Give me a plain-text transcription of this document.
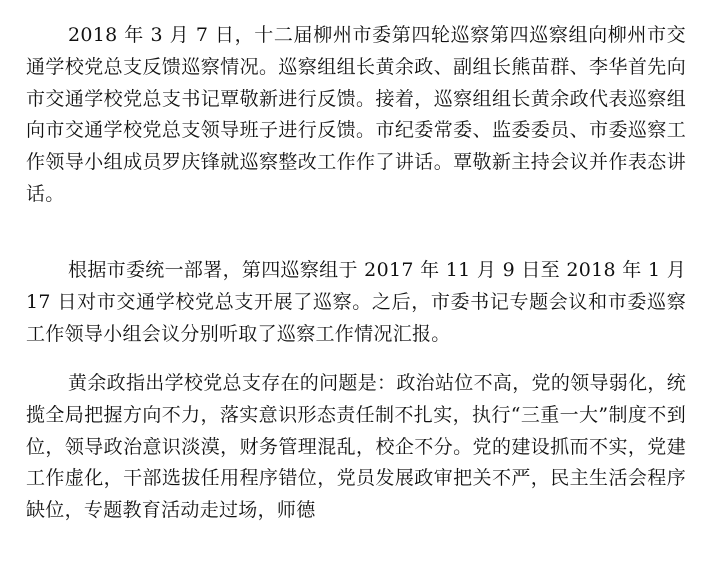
2018 年 3 月 7 日，十二届柳州市委第四轮巡察第四巡察组向柳州市交通学校党总支反馈巡察情况。巡察组组长黄余政、副组长熊苗群、李华首先向市交通学校党总支书记覃敬新进行反馈。接着，巡察组组长黄余政代表巡察组向市交通学校党总支领导班子进行反馈。市纪委常委、监委委员、市委巡察工作领导小组成员罗庆锋就巡察整改工作作了讲话。覃敬新主持会议并作表态讲话。

根据市委统一部署，第四巡察组于 2017 年 11 月 9 日至 2018 年 1 月 17 日对市交通学校党总支开展了巡察。之后，市委书记专题会议和市委巡察工作领导小组会议分别听取了巡察工作情况汇报。

黄余政指出学校党总支存在的问题是：政治站位不高，党的领导弱化，统揽全局把握方向不力，落实意识形态责任制不扎实，执行“三重一大”制度不到位，领导政治意识淡漠，财务管理混乱，校企不分。党的建设抓而不实，党建工作虚化，干部选拔任用程序错位，党员发展政审把关不严，民主生活会程序缺位，专题教育活动走过场，师德
